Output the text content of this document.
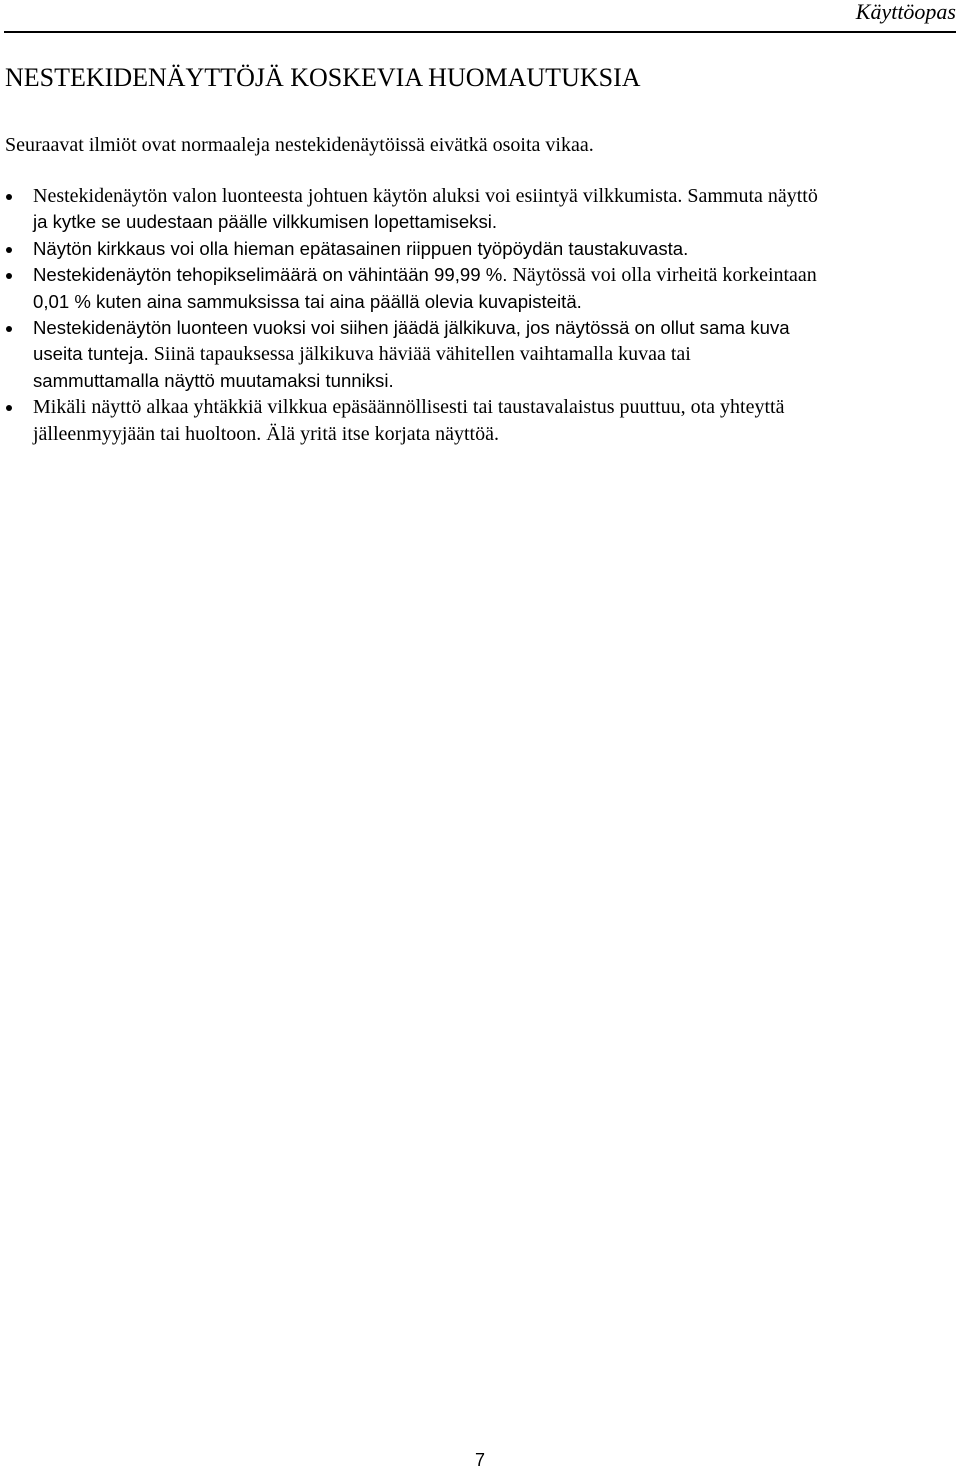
Käyttöopas
NESTEKIDENÄYTTÖJÄ KOSKEVIA HUOMAUTUKSIA

Seuraavat ilmiöt ovat normaaleja nestekidenäytöissä eivätkä osoita vikaa.

Nestekidenäytön valon luonteesta johtuen käytön aluksi voi esiintyä vilkkumista. Sammuta näyttö
ja kytke se uudestaan päälle vilkkumisen lopettamiseksi.
Näytön kirkkaus voi olla hieman epätasainen riippuen työpöydän taustakuvasta.
Nestekidenäytön tehopikselimäärä on vähintään 99,99 %. Näytössä voi olla virheitä korkeintaan
0,01 % kuten aina sammuksissa tai aina päällä olevia kuvapisteitä.
Nestekidenäytön luonteen vuoksi voi siihen jäädä jälkikuva, jos näytössä on ollut sama kuva
useita tunteja. Siinä tapauksessa jälkikuva häviää vähitellen vaihtamalla kuvaa tai
sammuttamalla näyttö muutamaksi tunniksi.
Mikäli näyttö alkaa yhtäkkiä vilkkua epäsäännöllisesti tai taustavalaistus puuttuu, ota yhteyttä
jälleenmyyjään tai huoltoon. Älä yritä itse korjata näyttöä.
7
